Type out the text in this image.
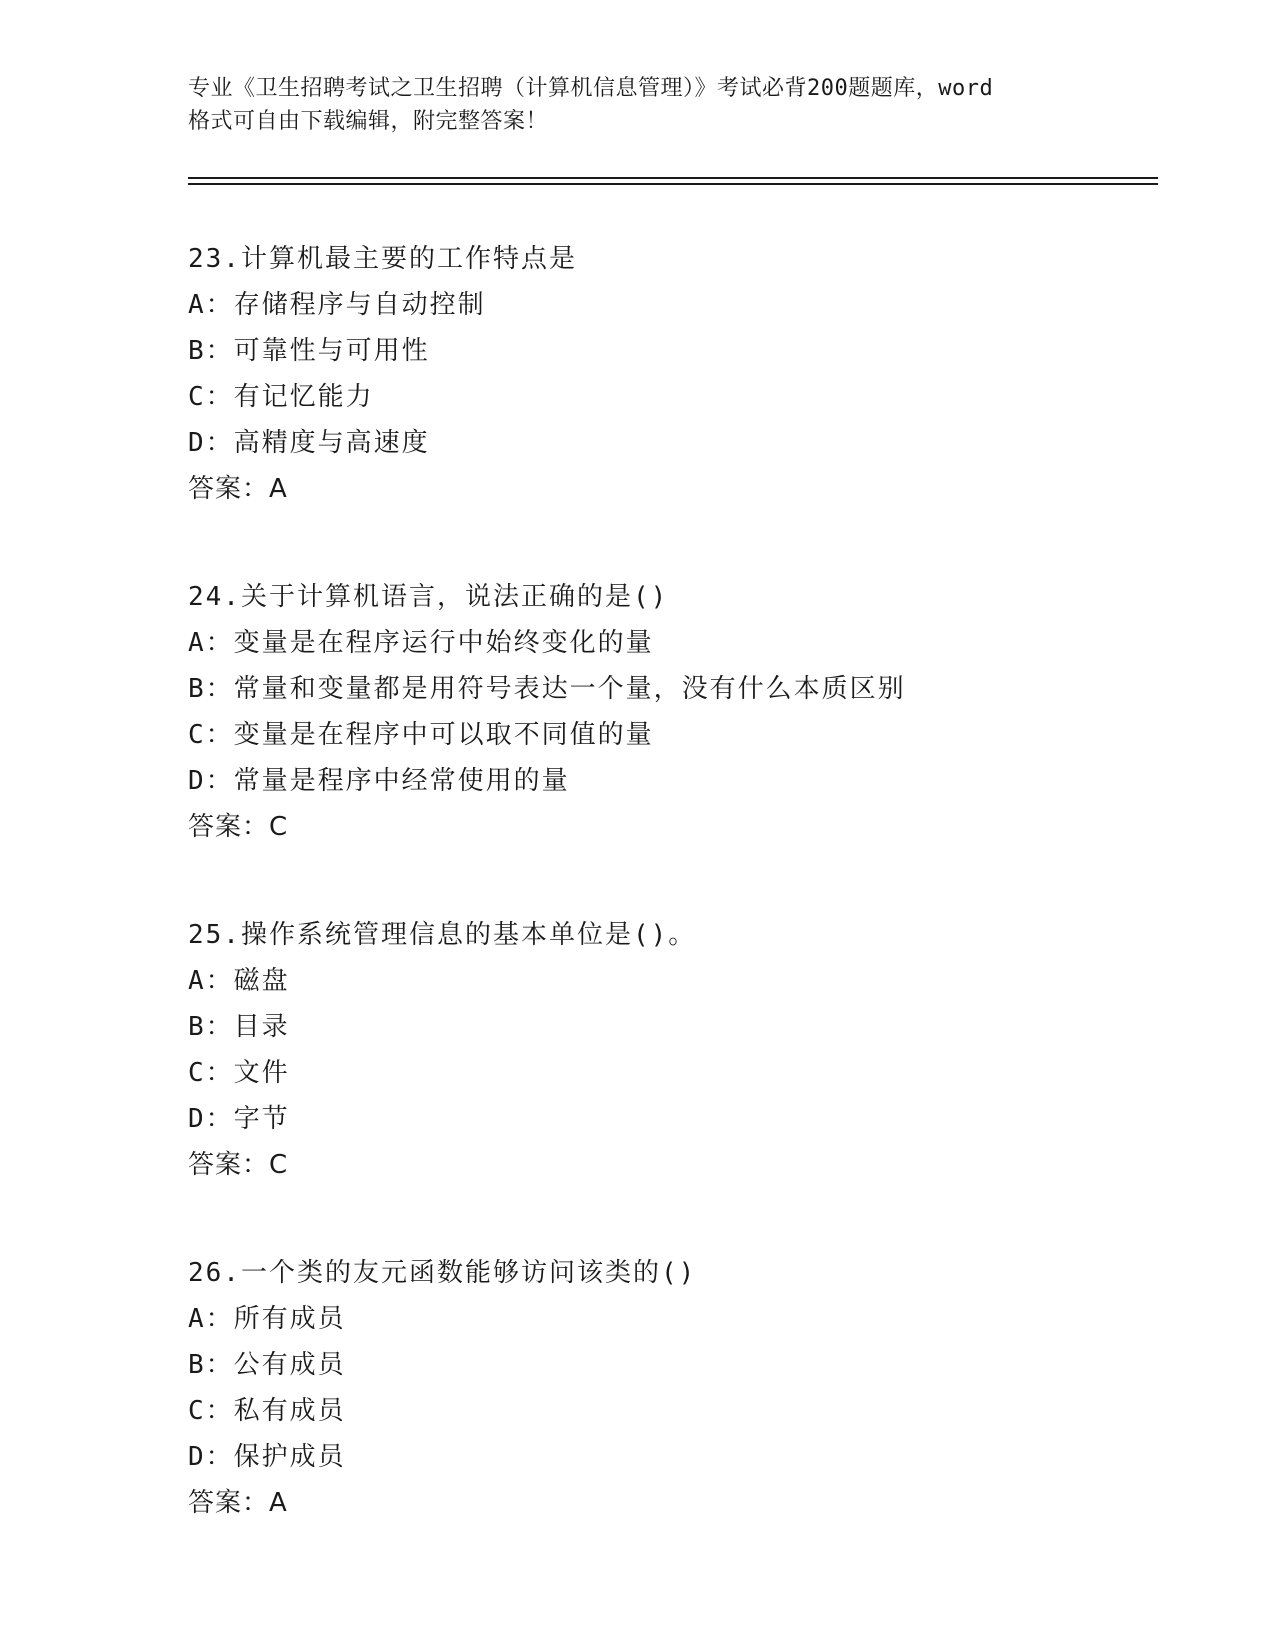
专业《卫生招聘考试之卫生招聘（计算机信息管理）》考试必背200题题库，word
格式可自由下载编辑，附完整答案！
23.计算机最主要的工作特点是
A：存储程序与自动控制
B：可靠性与可用性
C：有记忆能力
D：高精度与高速度
答案：A
24.关于计算机语言，说法正确的是()
A：变量是在程序运行中始终变化的量
B：常量和变量都是用符号表达一个量，没有什么本质区别
C：变量是在程序中可以取不同值的量
D：常量是程序中经常使用的量
答案：C
25.操作系统管理信息的基本单位是()。
A：磁盘
B：目录
C：文件
D：字节
答案：C
26.一个类的友元函数能够访问该类的()
A：所有成员
B：公有成员
C：私有成员
D：保护成员
答案：A
